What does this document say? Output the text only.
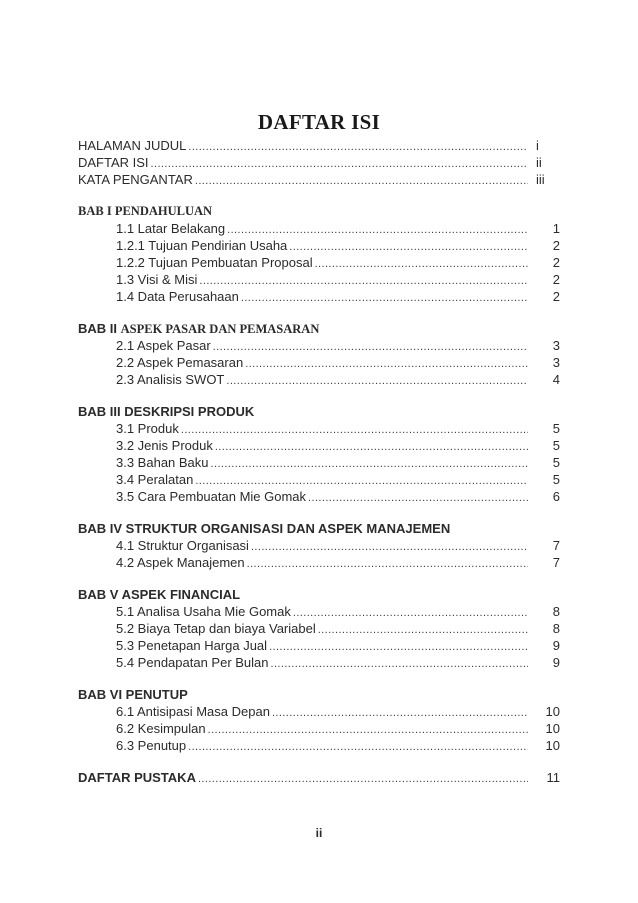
DAFTAR ISI
HALAMAN JUDUL .....	i
DAFTAR ISI .....	ii
KATA PENGANTAR .....	iii
BAB I PENDAHULUAN
1.1 Latar Belakang .....	1
1.2.1 Tujuan Pendirian Usaha .....	2
1.2.2 Tujuan Pembuatan Proposal .....	2
1.3 Visi & Misi .....	2
1.4 Data Perusahaan .....	2
BAB II ASPEK PASAR DAN PEMASARAN
2.1 Aspek Pasar .....	3
2.2 Aspek Pemasaran .....	3
2.3 Analisis SWOT .....	4
BAB III DESKRIPSI PRODUK
3.1 Produk .....	5
3.2 Jenis Produk .....	5
3.3 Bahan Baku .....	5
3.4 Peralatan .....	5
3.5 Cara Pembuatan Mie Gomak .....	6
BAB IV STRUKTUR ORGANISASI DAN ASPEK MANAJEMEN
4.1 Struktur Organisasi .....	7
4.2 Aspek Manajemen .....	7
BAB V ASPEK FINANCIAL
5.1 Analisa Usaha Mie Gomak .....	8
5.2 Biaya Tetap dan biaya Variabel .....	8
5.3 Penetapan Harga Jual .....	9
5.4 Pendapatan Per Bulan .....	9
BAB VI PENUTUP
6.1 Antisipasi Masa Depan .....	10
6.2 Kesimpulan .....	10
6.3 Penutup .....	10
DAFTAR PUSTAKA .....	11
ii
